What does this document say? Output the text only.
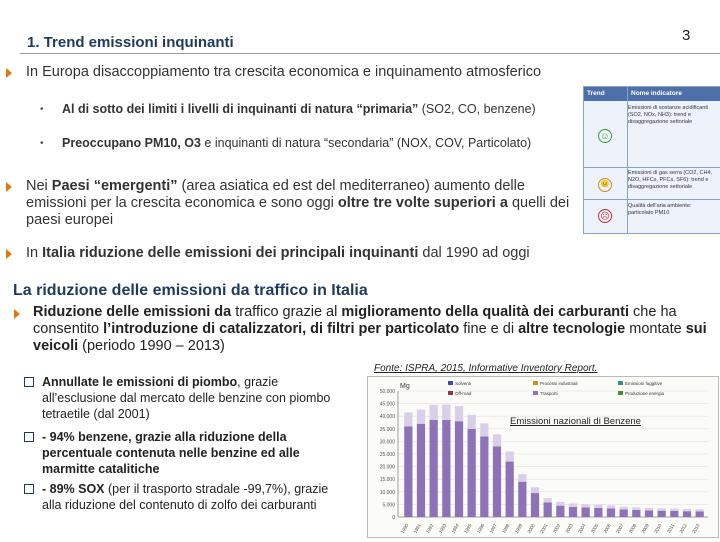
1. Trend emissioni inquinanti	3
In Europa disaccoppiamento tra crescita economica e inquinamento atmosferico
• Al di sotto dei limiti i livelli di inquinanti di natura “primaria” (SO2, CO, benzene)
• Preoccupano PM10, O3 e inquinanti di natura “secondaria” (NOX, COV, Particolato)
Nei Paesi “emergenti” (area asiatica ed est del mediterraneo) aumento delle emissioni per la crescita economica e sono oggi oltre tre volte superiori a quelli dei paesi europei
In Italia riduzione delle emissioni dei principali inquinanti dal 1990 ad oggi
Trend	Nome indicatore
☺
Emissioni di sostanze acidificanti (SO2, NOx, NH3): trend e disaggregazione settoriale
😐
Emissioni di gas serra (CO2, CH4, N2O, HFCs, PFCs, SF6): trend e disaggregazione settoriale
☹
Qualità dell'aria ambiente: particolato PM10
La riduzione delle emissioni da traffico in Italia
Riduzione delle emissioni da traffico grazie al miglioramento della qualità dei carburanti che ha consentito l’introduzione di catalizzatori, di filtri per particolato fine e di altre tecnologie montate sui veicoli (periodo 1990 – 2013)
Annullate le emissioni di piombo, grazie all’esclusione dal mercato delle benzine con piombo tetraetile (dal 2001)
- 94% benzene, grazie alla riduzione della percentuale contenuta nelle benzine ed alle marmitte catalitiche
- 89% SOX (per il trasporto stradale -99,7%), grazie alla riduzione del contenuto di zolfo dei carburanti
Fonte: ISPRA, 2015, Informative Inventory Report.
Mg
50.000
45.000
40.000
35.000
30.000
25.000
20.000
15.000
10.000
5.000
0
Solventi	Processi industriali	Emissioni fuggitive
Off-road	Trasporti	Produzione energia
1990 1991 1992 1993 1994 1995 1996 1997 1998 1999 2000 2001 2002 2003 2004 2005 2006 2007 2008 2009 2010 2011 2012 2013
Emissioni nazionali di Benzene
